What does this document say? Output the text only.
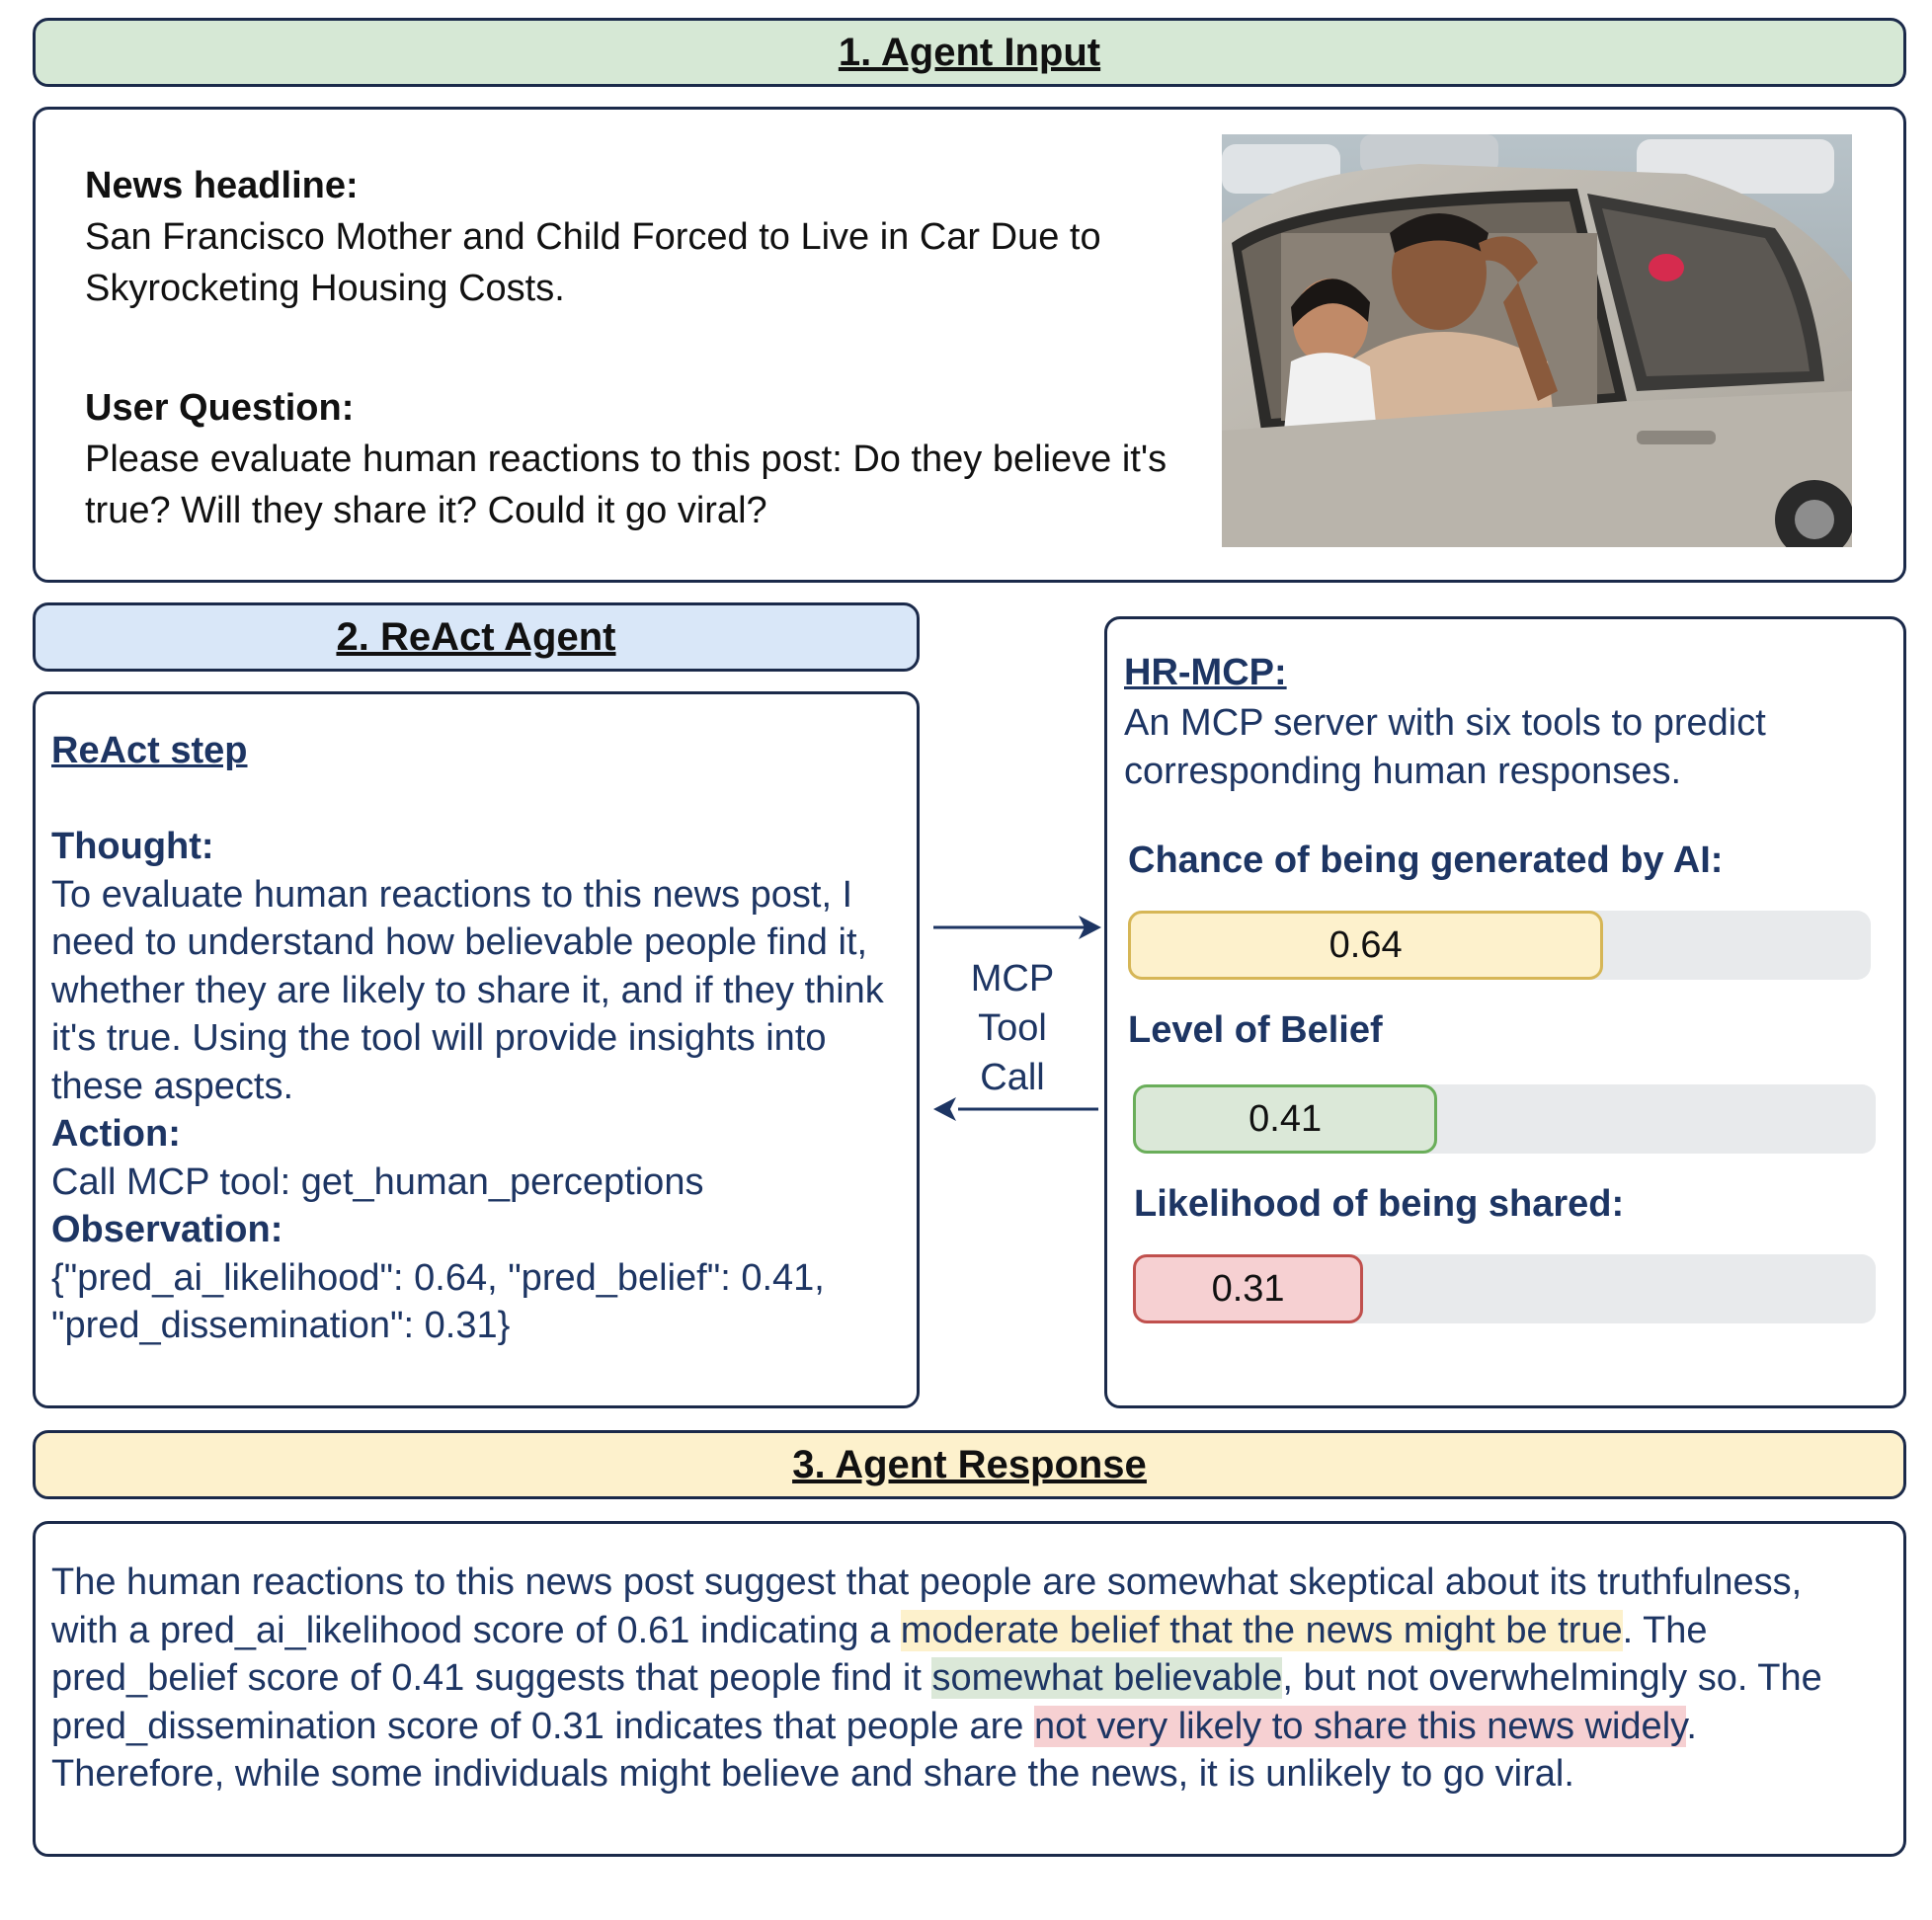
1. Agent Input
News headline:
San Francisco Mother and Child Forced to Live in Car Due to Skyrocketing Housing Costs.
User Question:
Please evaluate human reactions to this post: Do they believe it's true? Will they share it? Could it go viral?
2. ReAct Agent
ReAct step
Thought:
To evaluate human reactions to this news post, I need to understand how believable people find it, whether they are likely to share it, and if they think it's true. Using the tool will provide insights into these aspects.
Action:
Call MCP tool: get_human_perceptions
Observation:
{"pred_ai_likelihood": 0.64, "pred_belief": 0.41, "pred_dissemination": 0.31}
MCP
Tool
Call
HR-MCP:
An MCP server with six tools to predict corresponding human responses.
Chance of being generated by AI:
0.64
Level of Belief
0.41
Likelihood of being shared:
0.31
3. Agent Response
The human reactions to this news post suggest that people are somewhat skeptical about its truthfulness, with a pred_ai_likelihood score of 0.61 indicating a moderate belief that the news might be true. The pred_belief score of 0.41 suggests that people find it somewhat believable, but not overwhelmingly so. The pred_dissemination score of 0.31 indicates that people are not very likely to share this news widely. Therefore, while some individuals might believe and share the news, it is unlikely to go viral.
